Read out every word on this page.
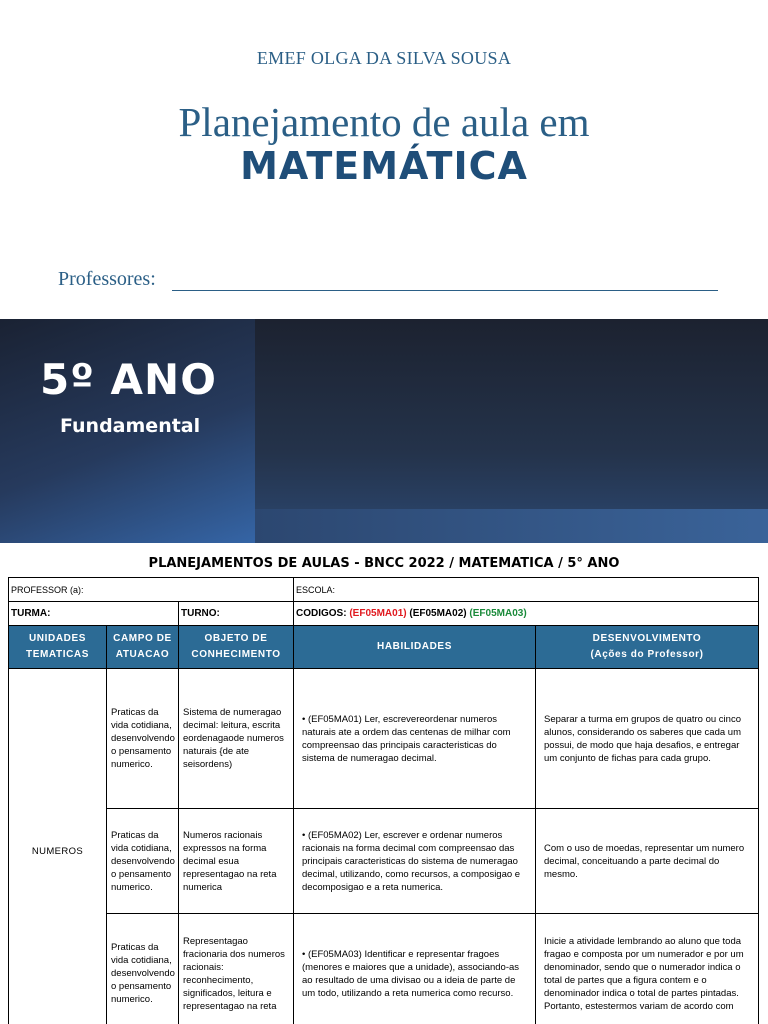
EMEF OLGA DA SILVA SOUSA
Planejamento de aula em
MATEMÁTICA
Professores:
5º ANO
Fundamental
PLANEJAMENTOS DE AULAS - BNCC 2022 / MATEMATICA / 5° ANO
PROFESSOR (a):			ESCOLA:	
TURMA:		TURNO:	CODIGOS: (EF05MA01) (EF05MA02) (EF05MA03)	
UNIDADES TEMATICAS	CAMPO DE ATUACAO	OBJETO DE CONHECIMENTO	HABILIDADES	DESENVOLVIMENTO
(Ações do Professor)

NUMEROS	Praticas da vida cotidiana, desenvolvendo o pensamento numerico.	Sistema de numeragao decimal: leitura, escrita eordenagaode numeros naturais {de ate seisordens)	• (EF05MA01) Ler, escrevereordenar numeros naturais ate a ordem das centenas de milhar com compreensao das principais caracteristicas do sistema de numeragao decimal.	Separar a turma em grupos de quatro ou cinco alunos, considerando os saberes que cada um possui, de modo que haja desafios, e entregar um conjunto de fichas para cada grupo.
	Praticas da vida cotidiana, desenvolvendo o pensamento numerico.	Numeros racionais expressos na forma decimal esua representagao na reta numerica	• (EF05MA02) Ler, escrever e ordenar numeros racionais na forma decimal com compreensao das principais caracteristicas do sistema de numeragao decimal, utilizando, como recursos, a composigao e decomposigao e a reta numerica.	Com o uso de moedas, representar um numero decimal, conceituando a parte decimal do mesmo.
	Praticas da vida cotidiana, desenvolvendo o pensamento numerico.	Representagao fracionaria dos numeros racionais: reconhecimento, significados, leitura e representagao na reta	• (EF05MA03) Identificar e representar fragoes (menores e maiores que a unidade), associando-as ao resultado de uma divisao ou a ideia de parte de um todo, utilizando a reta numerica como recurso.	Inicie a atividade lembrando ao aluno que toda fragao e composta por um numerador e por um denominador, sendo que o numerador indica o total de partes que a figura contem e o denominador indica o total de partes pintadas. Portanto, estestermos variam de acordo com
